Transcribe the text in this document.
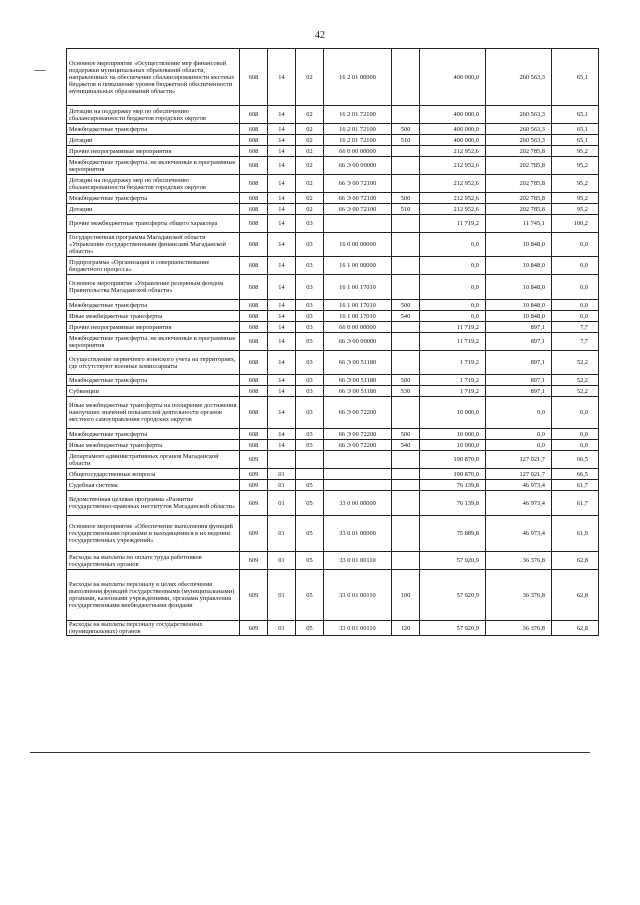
42
Основное мероприятие «Осуществление мер финансовой поддержки муниципальных образований области, направленных на обеспечение сбалансированности местных бюджетов и повышение уровня бюджетной обеспеченности муниципальных образований области»	608	14	02	16 2 01 00000		400 000,0	260 563,3	65,1
Дотации на поддержку мер по обеспечению сбалансированности бюджетов городских округов	608	14	02	16 2 01 72100		400 000,0	260 563,3	65,1
Межбюджетные трансферты	608	14	02	16 2 01 72100	500	400 000,0	260 563,3	65,1
Дотации	608	14	02	16 2 01 72100	510	400 000,0	260 563,3	65,1
Прочие непрограммные мероприятия	608	14	02	66 0 00 00000		212 952,6	202 785,8	95,2
Межбюджетные трансферты, не включенные в программные мероприятия	608	14	02	66 Э 00 00000		212 952,6	202 785,8	95,2
Дотации на поддержку мер по обеспечению сбалансированности бюджетов городских округов	608	14	02	66 Э 00 72100		212 952,6	202 785,8	95,2
Межбюджетные трансферты	608	14	02	66 Э 00 72100	500	212 952,6	202 785,8	95,2
Дотации	608	14	02	66 Э 00 72100	510	212 952,6	202 785,8	95,2
Прочие межбюджетные трансферты общего характера	608	14	03			11 719,2	11 745,1	100,2
Государственная программа Магаданской области «Управление государственными финансами Магаданской области»	608	14	03	16 0 00 00000		0,0	10 848,0	0,0
Подпрограмма «Организация и совершенствование бюджетного процесса»	608	14	03	16 1 00 00000		0,0	10 848,0	0,0
Основное мероприятие «Управление резервным фондом Правительства Магаданской области»	608	14	03	16 1 00 17010		0,0	10 848,0	0,0
Межбюджетные трансферты	608	14	03	16 1 00 17010	500	0,0	10 848,0	0,0
Иные межбюджетные трансферты	608	14	03	16 1 00 17010	540	0,0	10 848,0	0,0
Прочие непрограммные мероприятия	608	14	03	66 0 00 00000		11 719,2	897,1	7,7
Межбюджетные трансферты, не включенные в программные мероприятия	608	14	03	66 Э 00 00000		11 719,2	897,1	7,7
Осуществление первичного воинского учета на территориях, где отсутствуют военные комиссариаты	608	14	03	66 Э 00 51180		1 719,2	897,1	52,2
Межбюджетные трансферты	608	14	03	66 Э 00 51180	500	1 719,2	897,1	52,2
Субвенции	608	14	03	66 Э 00 51180	530	1 719,2	897,1	52,2
Иные межбюджетные трансферты на поощрение достижения наилучших значений показателей деятельности органов местного самоуправления городских округов	608	14	03	66 Э 00 72200		10 000,0	0,0	0,0
Межбюджетные трансферты	608	14	03	66 Э 00 72200	500	10 000,0	0,0	0,0
Иные межбюджетные трансферты	608	14	03	66 Э 00 72200	540	10 000,0	0,0	0,0
Департамент административных органов Магаданской области	609					190 870,0	127 021,7	66,5
Общегосударственные вопросы	609	01				190 870,0	127 021,7	66,5
Судебная система	609	01	05			76 139,8	46 973,4	61,7
Ведомственная целевая программа «Развитие государственно-правовых институтов Магаданской области»	609	01	05	33 0 00 00000		76 139,8	46 973,4	61,7
Основное мероприятие «Обеспечение выполнения функций государственными органами и находящимися в их ведении государственных учреждений»	609	01	05	33 0 01 00000		75 889,8	46 973,4	61,9
Расходы на выплаты по оплате труда работников государственных органов	609	01	05	33 0 01 00110		57 920,9	36 376,8	62,8
Расходы на выплаты персоналу в целях обеспечения выполнения функций государственными (муниципальными) органами, казенными учреждениями, органами управления государственными внебюджетными фондами	609	01	05	33 0 01 00110	100	57 920,9	36 376,8	62,8
Расходы на выплаты персоналу государственных (муниципальных) органов	609	01	05	33 0 01 00110	120	57 920,9	36 376,8	62,8
